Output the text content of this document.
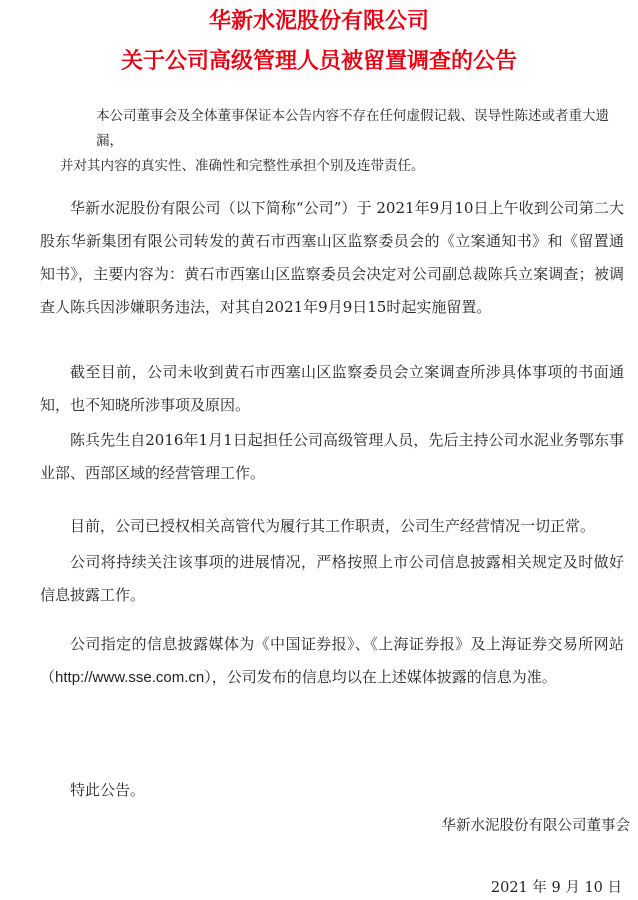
华新水泥股份有限公司
关于公司高级管理人员被留置调查的公告

本公司董事会及全体董事保证本公告内容不存在任何虚假记载、误导性陈述或者重大遗漏，
并对其内容的真实性、准确性和完整性承担个别及连带责任。

华新水泥股份有限公司（以下简称“公司”）于 2021年9月10日上午收到公司第二大股东华新集团有限公司转发的黄石市西塞山区监察委员会的《立案通知书》和《留置通知书》，主要内容为：黄石市西塞山区监察委员会决定对公司副总裁陈兵立案调查；被调查人陈兵因涉嫌职务违法，对其自2021年9月9日15时起实施留置。

截至目前，公司未收到黄石市西塞山区监察委员会立案调查所涉具体事项的书面通知，也不知晓所涉事项及原因。

陈兵先生自2016年1月1日起担任公司高级管理人员，先后主持公司水泥业务鄂东事业部、西部区域的经营管理工作。

目前，公司已授权相关高管代为履行其工作职责，公司生产经营情况一切正常。

公司将持续关注该事项的进展情况，严格按照上市公司信息披露相关规定及时做好信息披露工作。

公司指定的信息披露媒体为《中国证券报》、《上海证券报》及上海证券交易所网站（http://www.sse.com.cn），公司发布的信息均以在上述媒体披露的信息为准。

特此公告。

华新水泥股份有限公司董事会

2021 年 9 月 10 日
